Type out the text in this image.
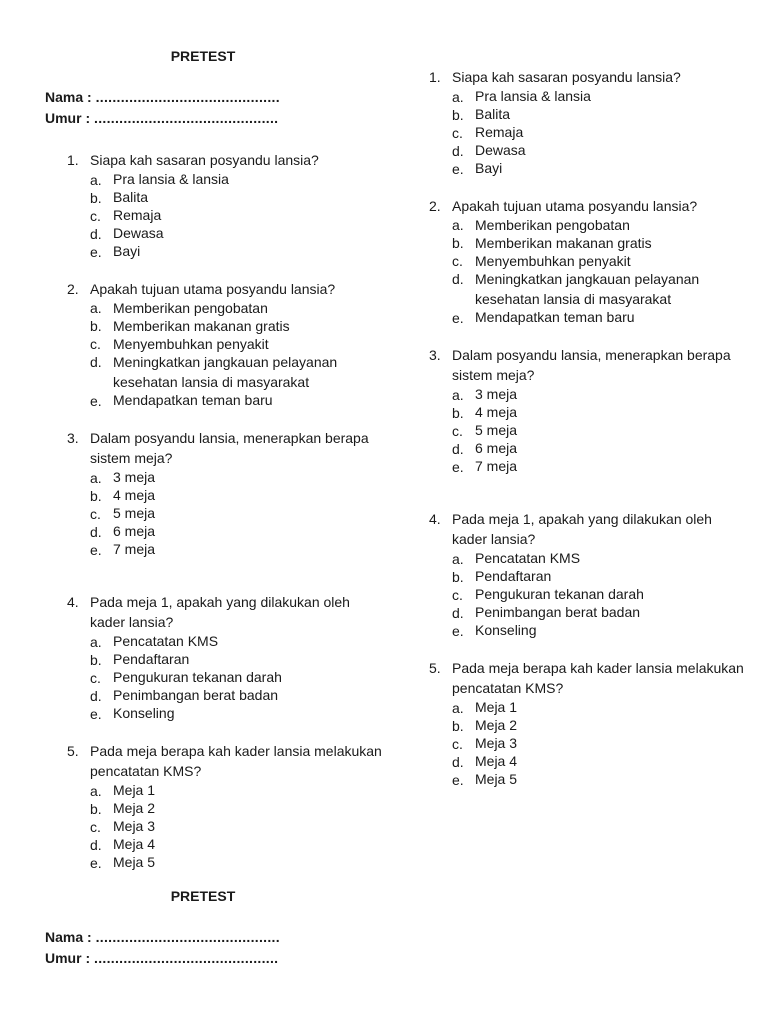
PRETEST
Nama : ............................................
Umur : ............................................
1. Siapa kah sasaran posyandu lansia?
a. Pra lansia & lansia
b. Balita
c. Remaja
d. Dewasa
e. Bayi
2. Apakah tujuan utama posyandu lansia?
a. Memberikan pengobatan
b. Memberikan makanan gratis
c. Menyembuhkan penyakit
d. Meningkatkan jangkauan pelayanan kesehatan lansia di masyarakat
e. Mendapatkan teman baru
3. Dalam posyandu lansia, menerapkan berapa sistem meja?
a. 3 meja
b. 4 meja
c. 5 meja
d. 6 meja
e. 7 meja
4. Pada meja 1, apakah yang dilakukan oleh kader lansia?
a. Pencatatan KMS
b. Pendaftaran
c. Pengukuran tekanan darah
d. Penimbangan berat badan
e. Konseling
5. Pada meja berapa kah kader lansia melakukan pencatatan KMS?
a. Meja 1
b. Meja 2
c. Meja 3
d. Meja 4
e. Meja 5
1. Siapa kah sasaran posyandu lansia?
a. Pra lansia & lansia
b. Balita
c. Remaja
d. Dewasa
e. Bayi
2. Apakah tujuan utama posyandu lansia?
a. Memberikan pengobatan
b. Memberikan makanan gratis
c. Menyembuhkan penyakit
d. Meningkatkan jangkauan pelayanan kesehatan lansia di masyarakat
e. Mendapatkan teman baru
3. Dalam posyandu lansia, menerapkan berapa sistem meja?
a. 3 meja
b. 4 meja
c. 5 meja
d. 6 meja
e. 7 meja
4. Pada meja 1, apakah yang dilakukan oleh kader lansia?
a. Pencatatan KMS
b. Pendaftaran
c. Pengukuran tekanan darah
d. Penimbangan berat badan
e. Konseling
5. Pada meja berapa kah kader lansia melakukan pencatatan KMS?
a. Meja 1
b. Meja 2
c. Meja 3
d. Meja 4
e. Meja 5
PRETEST
Nama : ............................................
Umur : ............................................
